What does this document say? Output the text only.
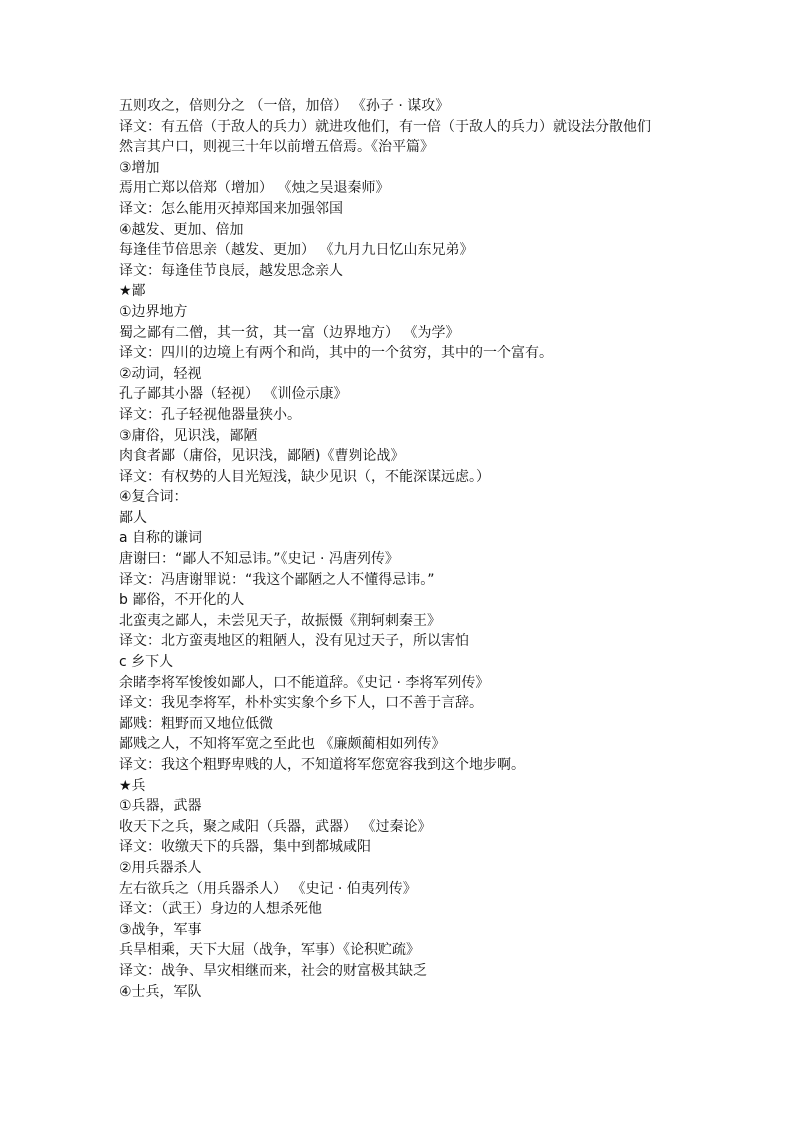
五则攻之，倍则分之 （一倍，加倍） 《孙子 · 谋攻》
译文：有五倍（于敌人的兵力）就进攻他们，有一倍（于敌人的兵力）就设法分散他们
然言其户口，则视三十年以前增五倍焉。《治平篇》
③增加
焉用亡郑以倍郑（增加） 《烛之吴退秦师》
译文：怎么能用灭掉郑国来加强邻国
④越发、更加、倍加
每逢佳节倍思亲（越发、更加） 《九月九日忆山东兄弟》
译文：每逢佳节良辰，越发思念亲人
★鄙
①边界地方
蜀之鄙有二僧，其一贫，其一富（边界地方） 《为学》
译文：四川的边境上有两个和尚，其中的一个贫穷，其中的一个富有。
②动词，轻视
孔子鄙其小器（轻视） 《训俭示康》
译文：孔子轻视他器量狭小。
③庸俗，见识浅，鄙陋
肉食者鄙（庸俗，见识浅，鄙陋)《曹刿论战》
译文：有权势的人目光短浅，缺少见识（，不能深谋远虑。）
④复合词：
鄙人
a 自称的谦词
唐谢曰：“鄙人不知忌讳。”《史记 · 冯唐列传》
译文：冯唐谢罪说：“我这个鄙陋之人不懂得忌讳。”
b 鄙俗，不开化的人
北蛮夷之鄙人，未尝见天子，故振慑《荆轲刺秦王》
译文：北方蛮夷地区的粗陋人，没有见过天子，所以害怕
c 乡下人
余睹李将军悛悛如鄙人，口不能道辞。《史记 · 李将军列传》
译文：我见李将军，朴朴实实象个乡下人，口不善于言辞。
鄙贱：粗野而又地位低微
鄙贱之人，不知将军宽之至此也 《廉颇蔺相如列传》
译文：我这个粗野卑贱的人，不知道将军您宽容我到这个地步啊。
★兵
①兵器，武器
收天下之兵，聚之咸阳（兵器，武器） 《过秦论》
译文：收缴天下的兵器，集中到都城咸阳
②用兵器杀人
左右欲兵之（用兵器杀人） 《史记 · 伯夷列传》
译文：（武王）身边的人想杀死他
③战争，军事
兵旱相乘，天下大屈（战争，军事）《论积贮疏》
译文：战争、旱灾相继而来，社会的财富极其缺乏
④士兵，军队
